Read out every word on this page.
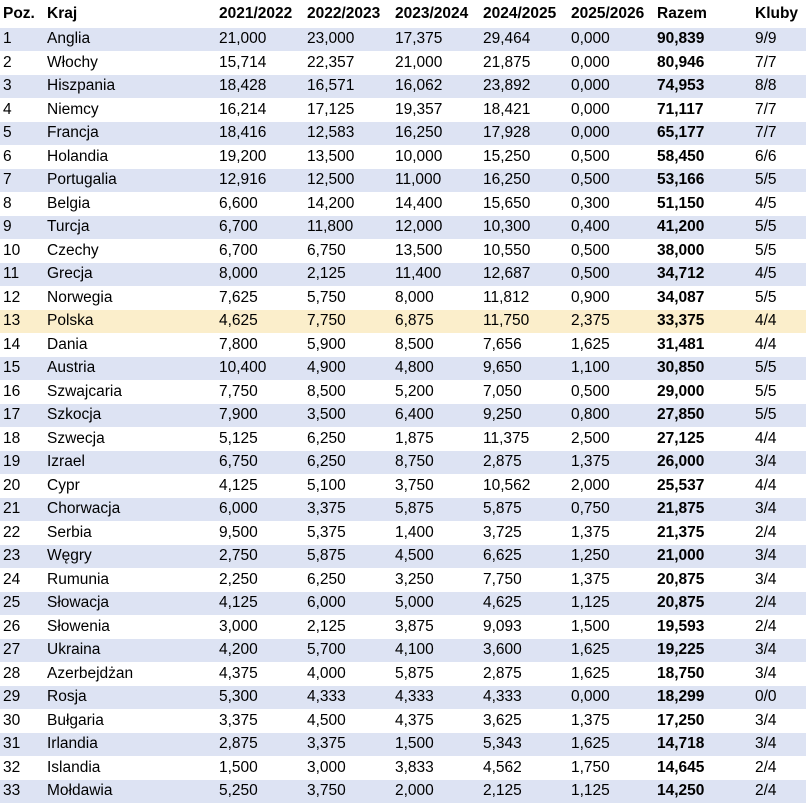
Poz.	Kraj	2021/2022	2022/2023	2023/2024	2024/2025	2025/2026	Razem	Kluby
1	Anglia	21,000	23,000	17,375	29,464	0,000	90,839	9/9
2	Włochy	15,714	22,357	21,000	21,875	0,000	80,946	7/7
3	Hiszpania	18,428	16,571	16,062	23,892	0,000	74,953	8/8
4	Niemcy	16,214	17,125	19,357	18,421	0,000	71,117	7/7
5	Francja	18,416	12,583	16,250	17,928	0,000	65,177	7/7
6	Holandia	19,200	13,500	10,000	15,250	0,500	58,450	6/6
7	Portugalia	12,916	12,500	11,000	16,250	0,500	53,166	5/5
8	Belgia	6,600	14,200	14,400	15,650	0,300	51,150	4/5
9	Turcja	6,700	11,800	12,000	10,300	0,400	41,200	5/5
10	Czechy	6,700	6,750	13,500	10,550	0,500	38,000	5/5
11	Grecja	8,000	2,125	11,400	12,687	0,500	34,712	4/5
12	Norwegia	7,625	5,750	8,000	11,812	0,900	34,087	5/5
13	Polska	4,625	7,750	6,875	11,750	2,375	33,375	4/4
14	Dania	7,800	5,900	8,500	7,656	1,625	31,481	4/4
15	Austria	10,400	4,900	4,800	9,650	1,100	30,850	5/5
16	Szwajcaria	7,750	8,500	5,200	7,050	0,500	29,000	5/5
17	Szkocja	7,900	3,500	6,400	9,250	0,800	27,850	5/5
18	Szwecja	5,125	6,250	1,875	11,375	2,500	27,125	4/4
19	Izrael	6,750	6,250	8,750	2,875	1,375	26,000	3/4
20	Cypr	4,125	5,100	3,750	10,562	2,000	25,537	4/4
21	Chorwacja	6,000	3,375	5,875	5,875	0,750	21,875	3/4
22	Serbia	9,500	5,375	1,400	3,725	1,375	21,375	2/4
23	Węgry	2,750	5,875	4,500	6,625	1,250	21,000	3/4
24	Rumunia	2,250	6,250	3,250	7,750	1,375	20,875	3/4
25	Słowacja	4,125	6,000	5,000	4,625	1,125	20,875	2/4
26	Słowenia	3,000	2,125	3,875	9,093	1,500	19,593	2/4
27	Ukraina	4,200	5,700	4,100	3,600	1,625	19,225	3/4
28	Azerbejdżan	4,375	4,000	5,875	2,875	1,625	18,750	3/4
29	Rosja	5,300	4,333	4,333	4,333	0,000	18,299	0/0
30	Bułgaria	3,375	4,500	4,375	3,625	1,375	17,250	3/4
31	Irlandia	2,875	3,375	1,500	5,343	1,625	14,718	3/4
32	Islandia	1,500	3,000	3,833	4,562	1,750	14,645	2/4
33	Mołdawia	5,250	3,750	2,000	2,125	1,125	14,250	2/4
